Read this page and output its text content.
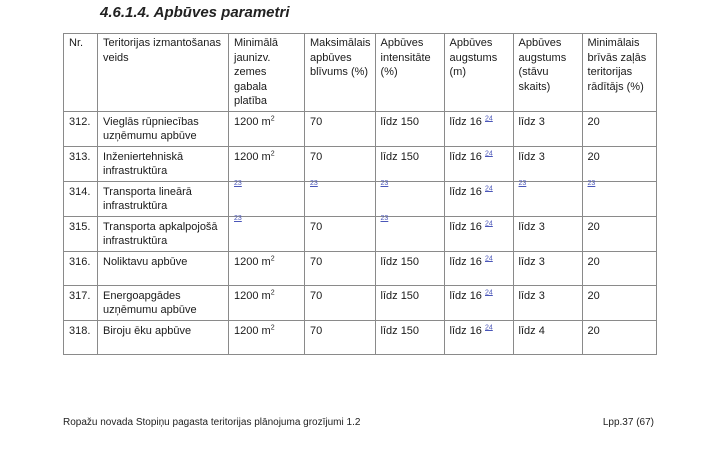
4.6.1.4. Apbūves parametri
Nr.	Teritorijas izmantošanas veids	Minimālā jaunizv. zemes gabala platība	Maksimālais apbūves blīvums (%)	Apbūves intensitāte (%)	Apbūves augstums (m)	Apbūves augstums (stāvu skaits)	Minimālais brīvās zaļās teritorijas rādītājs (%)
312.	Vieglās rūpniecības uzņēmumu apbūve	1200 $m^2$	70	līdz 150	līdz 16 $^{24}$	līdz 3	20
313.	Inženiertehniskā infrastruktūra	1200 $m^2$	70	līdz 150	līdz 16 $^{24}$	līdz 3	20
314.	Transporta lineārā infrastruktūra	$^{23}$	$^{23}$	$^{23}$	līdz 16 $^{24}$	$^{23}$	$^{23}$
315.	Transporta apkalpojošā infrastruktūra	$^{23}$	70	$^{23}$	līdz 16 $^{24}$	līdz 3	20
316.	Noliktavu apbūve	1200 $m^2$	70	līdz 150	līdz 16 $^{24}$	līdz 3	20
317.	Energoapgādes uzņēmumu apbūve	1200 $m^2$	70	līdz 150	līdz 16 $^{24}$	līdz 3	20
318.	Biroju ēku apbūve	1200 $m^2$	70	līdz 150	līdz 16 $^{24}$	līdz 4	20
Ropažu novada Stopiņu pagasta teritorijas plānojuma grozījumi 1.2	Lpp.37 (67)
